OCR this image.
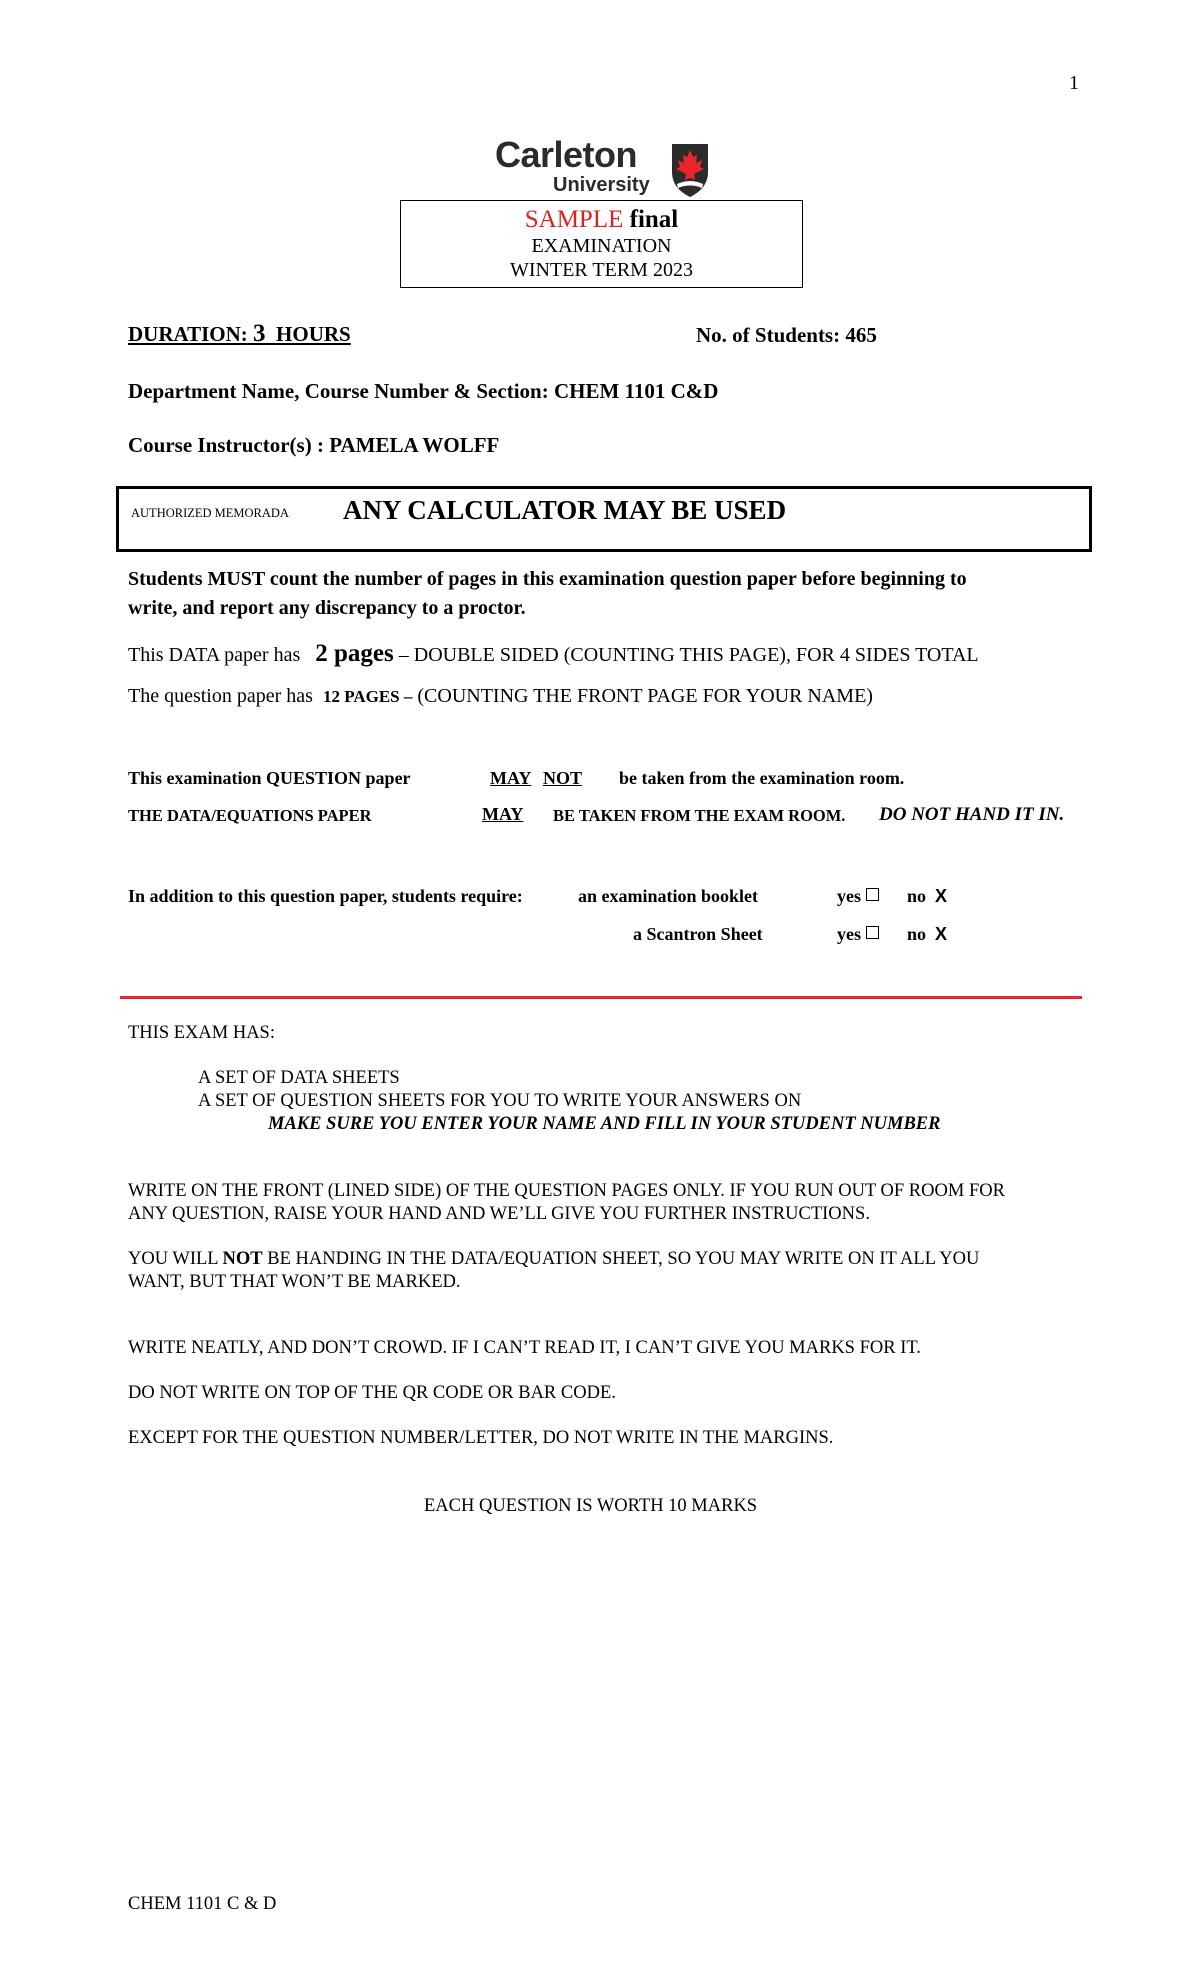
1
Carleton
University
SAMPLE final
EXAMINATION
WINTER TERM 2023
DURATION: 3 HOURS	No. of Students: 465
Department Name, Course Number & Section: CHEM 1101 C&D
Course Instructor(s) : PAMELA WOLFF
AUTHORIZED MEMORADA ANY CALCULATOR MAY BE USED
Students MUST count the number of pages in this examination question paper before beginning to
write, and report any discrepancy to a proctor.
This DATA paper has 2 pages – DOUBLE SIDED (COUNTING THIS PAGE), FOR 4 SIDES TOTAL
The question paper has 12 PAGES – (COUNTING THE FRONT PAGE FOR YOUR NAME)
This examination QUESTION paper	MAY NOT be taken from the examination room.
THE DATA/EQUATIONS PAPER	MAY BE TAKEN FROM THE EXAM ROOM. DO NOT HAND IT IN.
In addition to this question paper, students require:	an examination booklet	yes	no X
a Scantron Sheet	yes	no X
THIS EXAM HAS:
A SET OF DATA SHEETS
A SET OF QUESTION SHEETS FOR YOU TO WRITE YOUR ANSWERS ON
MAKE SURE YOU ENTER YOUR NAME AND FILL IN YOUR STUDENT NUMBER
WRITE ON THE FRONT (LINED SIDE) OF THE QUESTION PAGES ONLY. IF YOU RUN OUT OF ROOM FOR
ANY QUESTION, RAISE YOUR HAND AND WE’LL GIVE YOU FURTHER INSTRUCTIONS.
YOU WILL NOT BE HANDING IN THE DATA/EQUATION SHEET, SO YOU MAY WRITE ON IT ALL YOU
WANT, BUT THAT WON’T BE MARKED.
WRITE NEATLY, AND DON’T CROWD. IF I CAN’T READ IT, I CAN’T GIVE YOU MARKS FOR IT.
DO NOT WRITE ON TOP OF THE QR CODE OR BAR CODE.
EXCEPT FOR THE QUESTION NUMBER/LETTER, DO NOT WRITE IN THE MARGINS.
EACH QUESTION IS WORTH 10 MARKS
CHEM 1101 C & D
